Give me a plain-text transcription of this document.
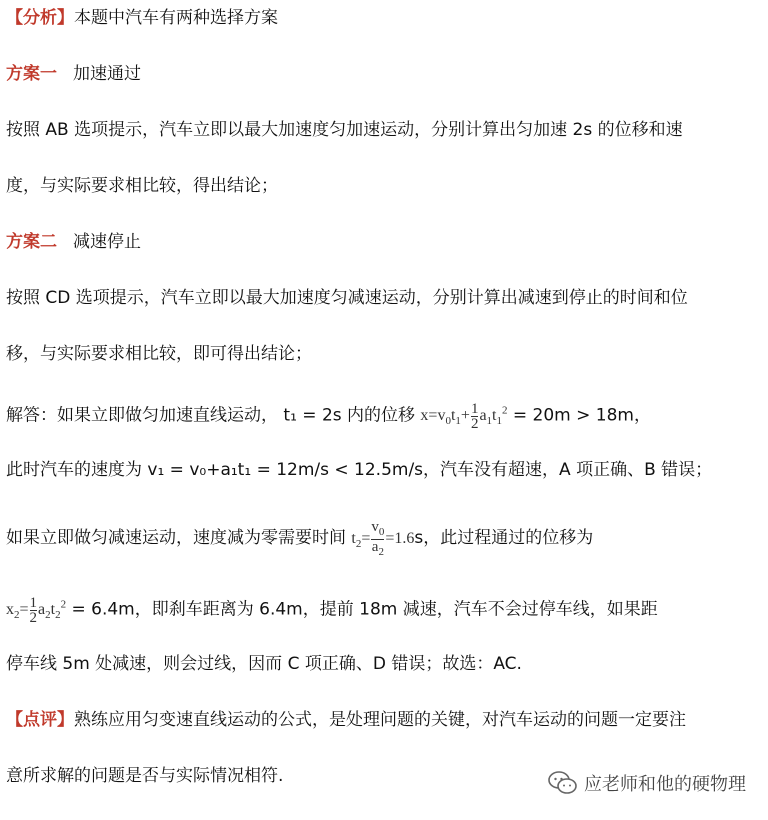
【分析】本题中汽车有两种选择方案
方案一 加速通过
按照 AB 选项提示，汽车立即以最大加速度匀加速运动，分别计算出匀加速 2s 的位移和速
度，与实际要求相比较，得出结论；
方案二 减速停止
按照 CD 选项提示，汽车立即以最大加速度匀减速运动，分别计算出减速到停止的时间和位
移，与实际要求相比较，即可得出结论；
解答：如果立即做匀加速直线运动， t₁ = 2s 内的位移 $x=v_0t_1+ \frac{1}{2} a_1t_1^2 = 20m > 18m$，
此时汽车的速度为 v₁ = v₀+a₁t₁ = 12m/s < 12.5m/s，汽车没有超速，A 项正确、B 错误；
如果立即做匀减速运动，速度减为零需要时间 $t_2= \frac{v_0}{a_2} =1.6s$，此过程通过的位移为
$x_2= \frac{1}{2} a_2t_2^2 = 6.4m$，即刹车距离为 6.4m，提前 18m 减速，汽车不会过停车线，如果距
停车线 5m 处减速，则会过线，因而 C 项正确、D 错误；故选：AC.
【点评】熟练应用匀变速直线运动的公式，是处理问题的关键，对汽车运动的问题一定要注
意所求解的问题是否与实际情况相符.	应老师和他的硬物理
